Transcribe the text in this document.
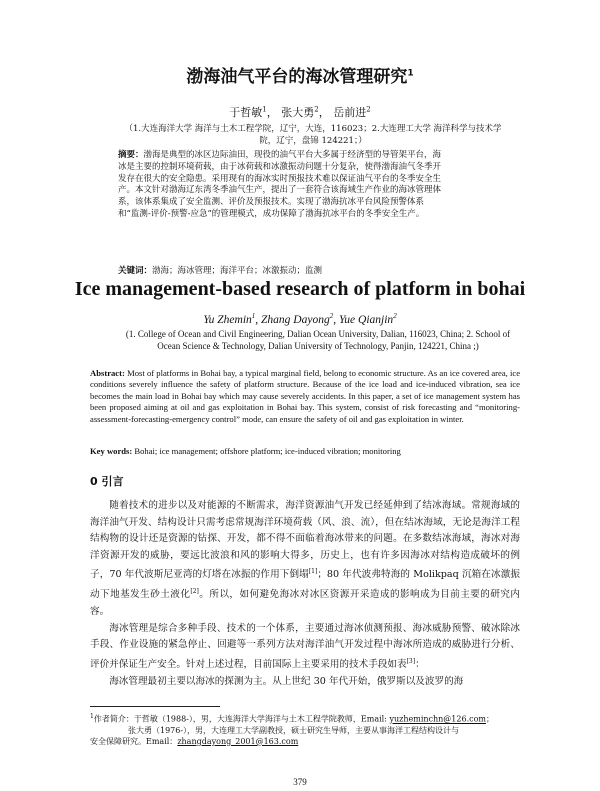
渤海油气平台的海冰管理研究$^1$
于哲敏$^1$， 张大勇$^2$， 岳前进$^2$
（1.大连海洋大学 海洋与土木工程学院，辽宁，大连，116023；2.大连理工大学 海洋科学与技术学院，辽宁，盘锦 124221；）
摘要：渤海是典型的冰区边际油田，现役的油气平台大多属于经济型的导管架平台，海冰是主要的控制环境荷载，由于冰荷载和冰激振动问题十分复杂，使得渤海油气冬季开发存在很大的安全隐患。采用现有的海冰实时预报技术难以保证油气平台的冬季安全生产。本文针对渤海辽东湾冬季油气生产，提出了一套符合该海域生产作业的海冰管理体系，该体系集成了安全监测、评价及预报技术。实现了渤海抗冰平台风险预警体系和“监测-评价-预警-应急”的管理模式，成功保障了渤海抗冰平台的冬季安全生产。
关键词：渤海；海冰管理；海洋平台；冰激振动；监测
Ice management-based research of platform in bohai
Yu Zhemin$^1$, Zhang Dayong$^2$, Yue Qianjin$^2$
(1. College of Ocean and Civil Engineering, Dalian Ocean University, Dalian, 116023, China; 2. School of Ocean Science & Technology, Dalian University of Technology, Panjin, 124221, China ;)
Abstract: Most of platforms in Bohai bay, a typical marginal field, belong to economic structure. As an ice covered area, ice conditions severely influence the safety of platform structure. Because of the ice load and ice-induced vibration, sea ice becomes the main load in Bohai bay which may cause severely accidents. In this paper, a set of ice management system has been proposed aiming at oil and gas exploitation in Bohai bay. This system, consist of risk forecasting and “monitoring-assessment-forecasting-emergency control” mode, can ensure the safety of oil and gas exploitation in winter.
Key words: Bohai; ice management; offshore platform; ice-induced vibration; monitoring
0 引言

随着技术的进步以及对能源的不断需求，海洋资源油气开发已经延伸到了结冰海域。常规海域的海洋油气开发、结构设计只需考虑常规海洋环境荷载（风、浪、流），但在结冰海域，无论是海洋工程结构物的设计还是资源的钻探、开发，都不得不面临着海冰带来的问题。在多数结冰海域，海冰对海洋资源开发的威胁，要远比波浪和风的影响大得多，历史上，也有许多因海冰对结构造成破坏的例子，70 年代波斯尼亚湾的灯塔在冰振的作用下倒塌[1]；80 年代波弗特海的 Molikpaq 沉箱在冰激振动下地基发生砂土液化[2]。所以，如何避免海冰对冰区资源开采造成的影响成为目前主要的研究内容。

海冰管理是综合多种手段、技术的一个体系，主要通过海冰侦测预报、海冰威胁预警、破冰除冰手段、作业设施的紧急停止、回避等一系列方法对海洋油气开发过程中海冰所造成的威胁进行分析、评价并保证生产安全。针对上述过程，目前国际上主要采用的技术手段如表[3]：

海冰管理最初主要以海冰的探测为主。从上世纪 30 年代开始，俄罗斯以及波罗的海

$^1$作者简介：于哲敏（1988-），男，大连海洋大学海洋与土木工程学院教师，Email: yuzheminchn@126.com；
张大勇（1976-），男，大连理工大学副教授，硕士研究生导师，主要从事海洋工程结构设计与
安全保障研究。Email：zhangdayong_2001@163.com
379
